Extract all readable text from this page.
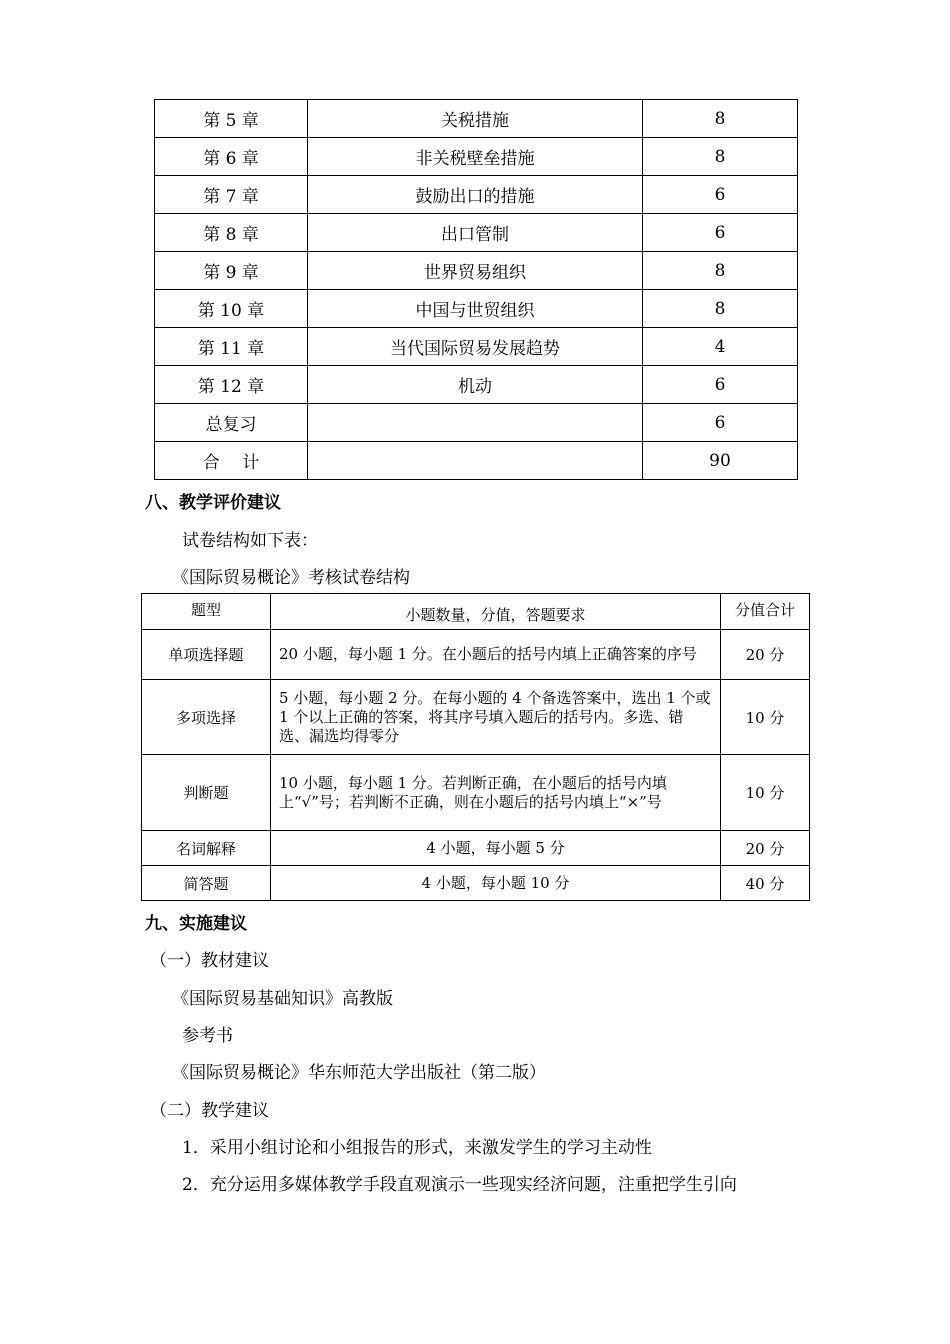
第 5 章	关税措施	8
第 6 章	非关税壁垒措施	8
第 7 章	鼓励出口的措施	6
第 8 章	出口管制	6
第 9 章	世界贸易组织	8
第 10 章	中国与世贸组织	8
第 11 章	当代国际贸易发展趋势	4
第 12 章	机动	6
总复习		6
合　 计		90
八、教学评价建议
试卷结构如下表：
《国际贸易概论》考核试卷结构
题型	小题数量，分值，答题要求	分值合计
单项选择题	20 小题，每小题 1 分。在小题后的括号内填上正确答案的序号	20 分
多项选择	5 小题，每小题 2 分。在每小题的 4 个备选答案中，选出 1 个或 1 个以上正确的答案，将其序号填入题后的括号内。多选、错选、漏选均得零分	10 分
判断题	10 小题，每小题 1 分。若判断正确，在小题后的括号内填上“√”号；若判断不正确，则在小题后的括号内填上“×”号	10 分
名词解释	4 小题，每小题 5 分	20 分
简答题	4 小题，每小题 10 分	40 分
九、实施建议
（一）教材建议
《国际贸易基础知识》高教版
参考书
《国际贸易概论》华东师范大学出版社（第二版）
（二）教学建议
1．采用小组讨论和小组报告的形式，来激发学生的学习主动性
2．充分运用多媒体教学手段直观演示一些现实经济问题，注重把学生引向
